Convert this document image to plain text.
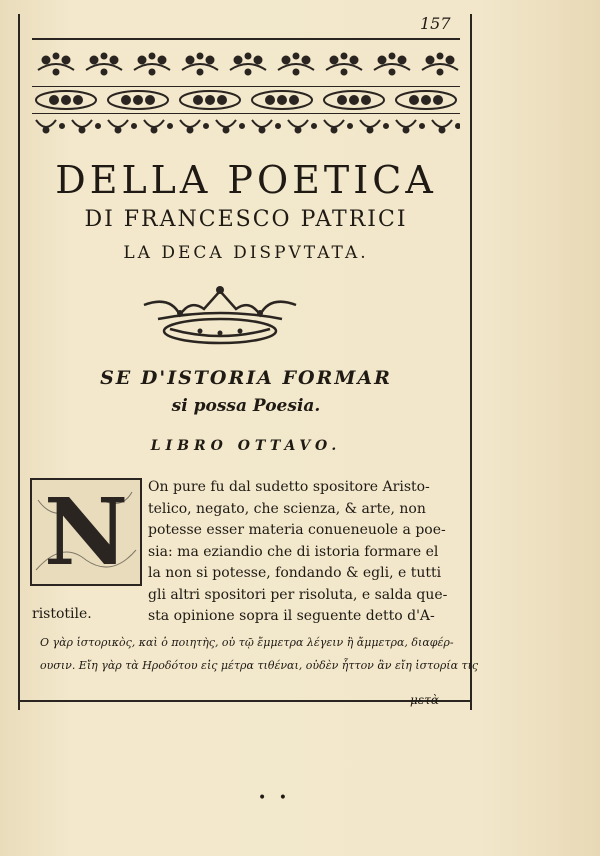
157
DELLA POETICA
DI FRANCESCO PATRICI
LA DECA DISPVTATA.
SE D'ISTORIA FORMAR
si possa Poesia.
LIBRO OTTAVO.
N	On pure fu dal sudetto spositore Aristo-
telico, negato, che scienza, & arte, non
potesse esser materia conueneuole a poe-
sia: ma eziandio che di istoria formare el
la non si potesse, fondando & egli, e tutti
gli altri spositori per risoluta, e salda que-
sta opinione sopra il seguente detto d'A-
ristotile.
Ο γὰρ ἱστορικὸς, καὶ ὁ ποιητὴς, οὐ τῷ ἔμμετρα λέγειν ἢ ἄμμετρα, διαφέρ-
ουσιν. Εἴη γὰρ τὰ Ηροδότου εἰς μέτρα τιθέναι, οὐδὲν ἧττον ἂν εἴη ἱστορία τις
μετὰ
• •
